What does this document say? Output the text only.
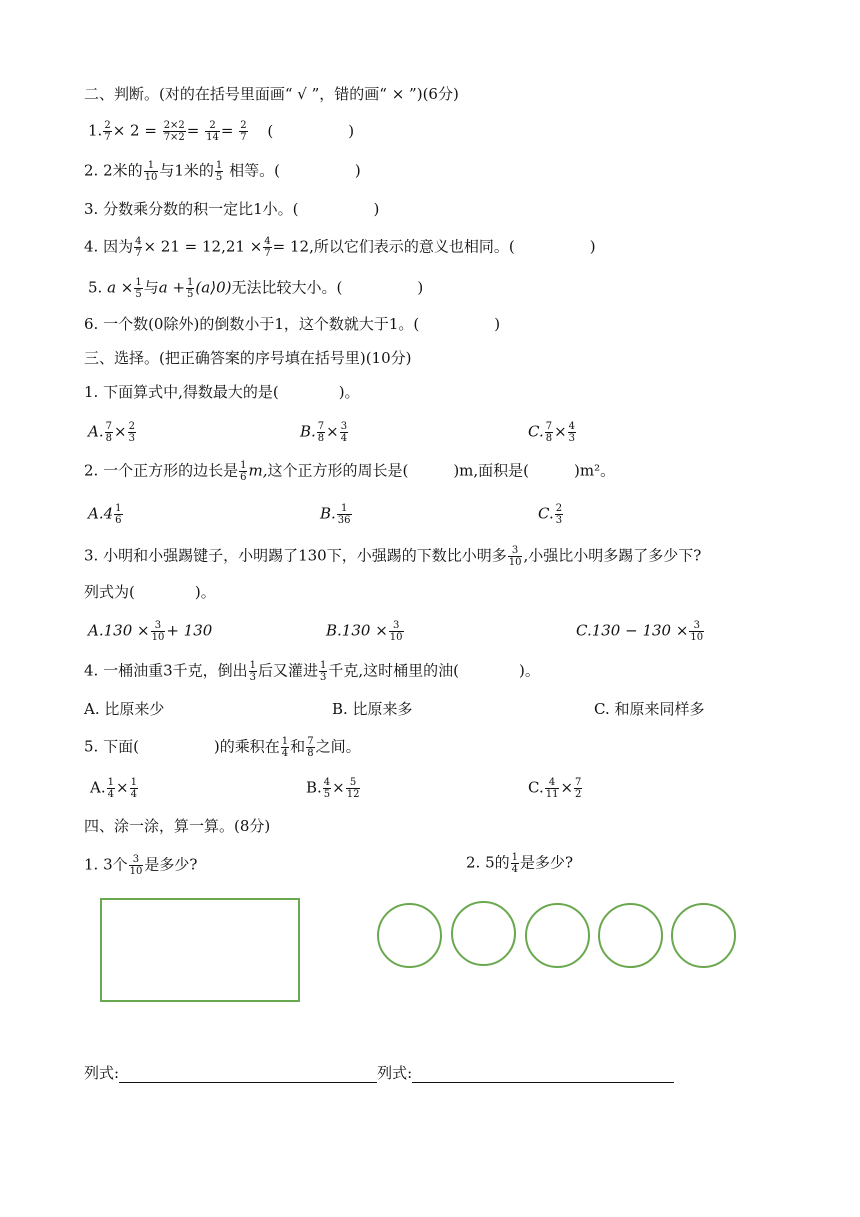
二、判断。(对的在括号里面画“ √ ”，错的画“ × ”)(6分)
1. $\frac{2}{7} \times 2 = \frac{2\times 2}{7\times 2} = \frac{2}{14} = \frac{2}{7}$ (　　　　　)
2. 2米的 $\frac{1}{10}$ 与1米的 $\frac{1}{5}$ 相等。(　　　　　)
3. 分数乘分数的积一定比1小。(　　　　　)
4. 因为 $\frac{4}{7} \times 21 = 12,21 \times \frac{4}{7} = 12$,所以它们表示的意义也相同。(　　　　　)
5. $a \times \frac{1}{5}$ 与$a + \frac{1}{5}$ (a⟩0)无法比较大小。(　　　　　)
6. 一个数(0除外)的倒数小于1，这个数就大于1。(　　　　　)
三、选择。(把正确答案的序号填在括号里)(10分)
1. 下面算式中,得数最大的是(　　　　)。
A. $\frac{7}{8} \times \frac{2}{3}$	B. $\frac{7}{8} \times \frac{3}{4}$	C. $\frac{7}{8} \times \frac{4}{3}$
2. 一个正方形的边长是 $\frac{1}{6} m$,这个正方形的周长是(　　　)m,面积是(　　　)m²。
$A.4 \frac{1}{6}$	B. $\frac{1}{36}$	C. $\frac{2}{3}$
3. 小明和小强踢键子，小明踢了130下，小强踢的下数比小明多 $\frac{3}{10}$ ,小强比小明多踢了多少下?
列式为(　　　　)。
$A.130 \times \frac{3}{10} + 130$	$B.130 \times \frac{3}{10}$	$C.130 - 130 \times \frac{3}{10}$
4. 一桶油重3千克，倒出 $\frac{1}{3}$ 后又灌进 $\frac{1}{3}$ 千克,这时桶里的油(　　　　)。
A. 比原来少	B. 比原来多	C. 和原来同样多
5. 下面(　　　　　)的乘积在 $\frac{1}{4}$ 和 $\frac{7}{8}$ 之间。
A. $\frac{1}{4} \times \frac{1}{4}$	B. $\frac{4}{5} \times \frac{5}{12}$	C. $\frac{4}{11} \times \frac{7}{2}$
四、涂一涂，算一算。(8分)
1. 3个 $\frac{3}{10}$ 是多少?	2. 5的 $\frac{1}{4}$ 是多少?
列式:	列式:
